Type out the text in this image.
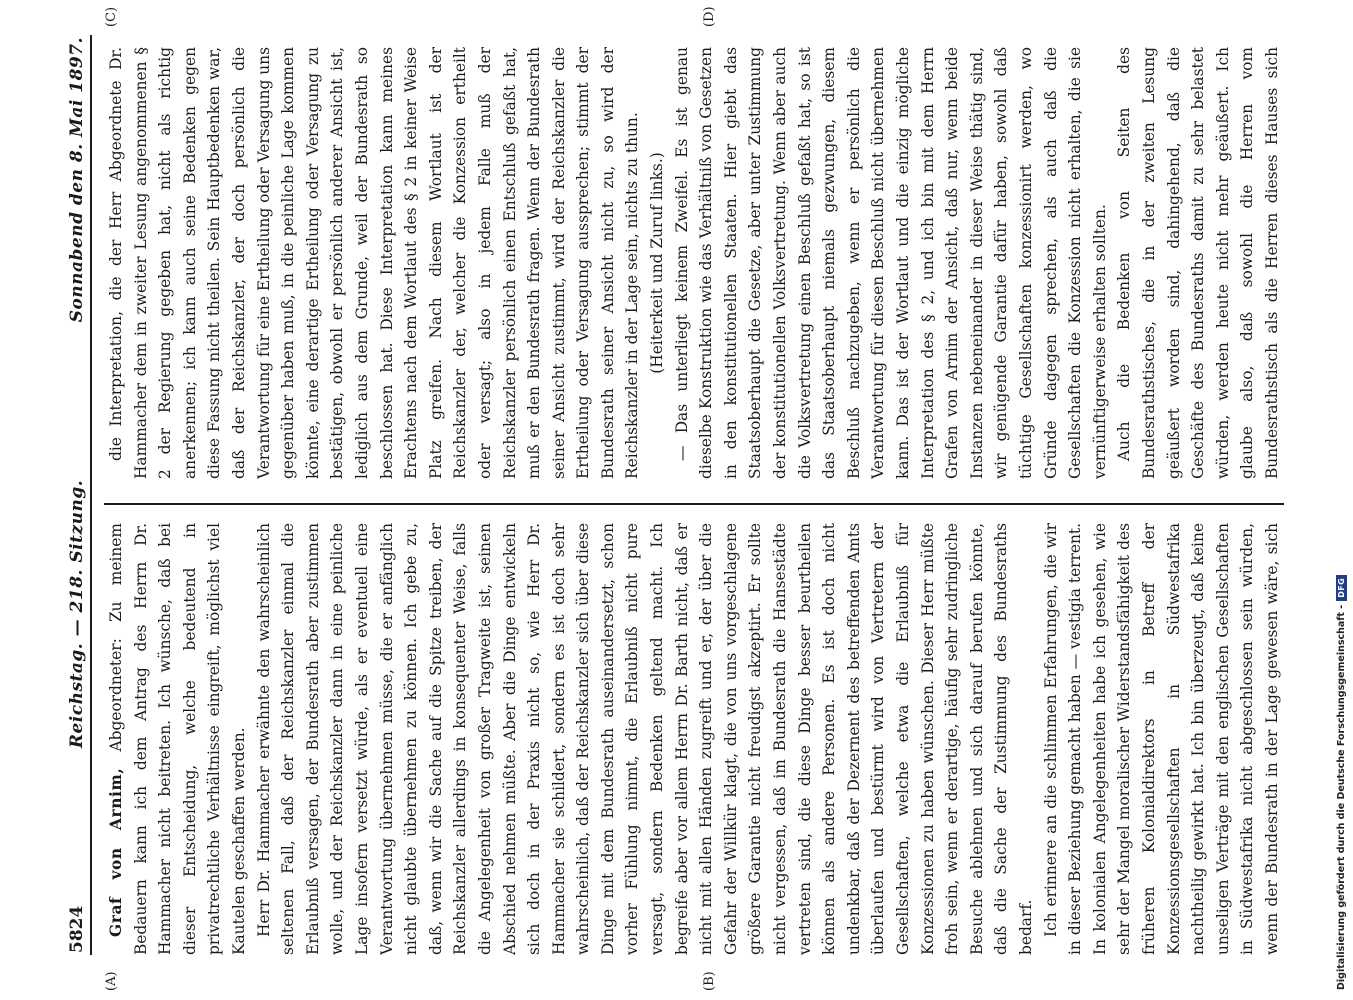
5824
Reichstag. — 218. Sitzung.
Sonnabend den 8. Mai 1897.
(A)	(B)
(C)	(D)

Graf von Arnim, Abgeordneter: Zu meinem Bedauern kann ich dem Antrag des Herrn Dr. Hammacher nicht beitreten. Ich wünsche, daß bei dieser Entscheidung, welche bedeutend in privatrechtliche Verhältnisse eingreift, möglichst viel Kautelen geschaffen werden. Herr Dr. Hammacher erwähnte den wahrscheinlich seltenen Fall, daß der Reichskanzler einmal die Erlaubniß versagen, der Bundesrath aber zustimmen wolle, und der Reichskanzler dann in eine peinliche Lage insofern versetzt würde, als er eventuell eine Verantwortung übernehmen müsse, die er anfänglich nicht glaubte übernehmen zu können. Ich gebe zu, daß, wenn wir die Sache auf die Spitze treiben, der Reichskanzler allerdings in konsequenter Weise, falls die Angelegenheit von großer Tragweite ist, seinen Abschied nehmen müßte. Aber die Dinge entwickeln sich doch in der Praxis nicht so, wie Herr Dr. Hammacher sie schildert, sondern es ist doch sehr wahrscheinlich, daß der Reichskanzler sich über diese Dinge mit dem Bundesrath auseinandersetzt, schon vorher Fühlung nimmt, die Erlaubniß nicht pure versagt, sondern Bedenken geltend macht. Ich begreife aber vor allem Herrn Dr. Barth nicht, daß er nicht mit allen Händen zugreift und er, der über die Gefahr der Willkür klagt, die von uns vorgeschlagene größere Garantie nicht freudigst akzeptirt. Er sollte nicht vergessen, daß im Bundesrath die Hansestädte vertreten sind, die diese Dinge besser beurtheilen können als andere Personen. Es ist doch nicht undenkbar, daß der Dezernent des betreffenden Amts überlaufen und bestürmt wird von Vertretern der Gesellschaften, welche etwa die Erlaubniß für Konzessionen zu haben wünschen. Dieser Herr müßte froh sein, wenn er derartige, häufig sehr zudringliche Besuche ablehnen und sich darauf berufen könnte, daß die Sache der Zustimmung des Bundesraths bedarf. Ich erinnere an die schlimmen Erfahrungen, die wir in dieser Beziehung gemacht haben — vestigia terrent. In kolonialen Angelegenheiten habe ich gesehen, wie sehr der Mangel moralischer Widerstandsfähigkeit des früheren Kolonialdirektors in Betreff der Konzessionsgesellschaften in Südwestafrika nachtheilig gewirkt hat. Ich bin überzeugt, daß keine unseligen Verträge mit den englischen Gesellschaften in Südwestafrika nicht abgeschlossen sein würden, wenn der Bundesrath in der Lage gewesen wäre, sich

die Interpretation, die der Herr Abgeordnete Dr. Hammacher dem in zweiter Lesung angenommenen § 2 der Regierung gegeben hat, nicht als richtig anerkennen; ich kann auch seine Bedenken gegen diese Fassung nicht theilen. Sein Hauptbedenken war, daß der Reichskanzler, der doch persönlich die Verantwortung für eine Ertheilung oder Versagung uns gegenüber haben muß, in die peinliche Lage kommen könnte, eine derartige Ertheilung oder Versagung zu bestätigen, obwohl er persönlich anderer Ansicht ist, lediglich aus dem Grunde, weil der Bundesrath so beschlossen hat. Diese Interpretation kann meines Erachtens nach dem Wortlaut des § 2 in keiner Weise Platz greifen. Nach diesem Wortlaut ist der Reichskanzler der, welcher die Konzession ertheilt oder versagt; also in jedem Falle muß der Reichskanzler persönlich einen Entschluß gefaßt hat, muß er den Bundesrath fragen. Wenn der Bundesrath seiner Ansicht zustimmt, wird der Reichskanzler die Ertheilung oder Versagung aussprechen; stimmt der Bundesrath seiner Ansicht nicht zu, so wird der Reichskanzler in der Lage sein, nichts zu thun. (Heiterkeit und Zuruf links.) — Das unterliegt keinem Zweifel. Es ist genau dieselbe Konstruktion wie das Verhältniß von Gesetzen in den konstitutionellen Staaten. Hier giebt das Staatsoberhaupt die Gesetze, aber unter Zustimmung der konstitutionellen Volksvertretung. Wenn aber auch die Volksvertretung einen Beschluß gefaßt hat, so ist das Staatsoberhaupt niemals gezwungen, diesem Beschluß nachzugeben, wenn er persönlich die Verantwortung für diesen Beschluß nicht übernehmen kann. Das ist der Wortlaut und die einzig mögliche Interpretation des § 2, und ich bin mit dem Herrn Grafen von Arnim der Ansicht, daß nur, wenn beide Instanzen nebeneinander in dieser Weise thätig sind, wir genügende Garantie dafür haben, sowohl daß tüchtige Gesellschaften konzessionirt werden, wo Gründe dagegen sprechen, als auch daß die Gesellschaften die Konzession nicht erhalten, die sie vernünftigerweise erhalten sollten. Auch die Bedenken von Seiten des Bundesrathstisches, die in der zweiten Lesung geäußert worden sind, dahingehend, daß die Geschäfte des Bundesraths damit zu sehr belastet würden, werden heute nicht mehr geäußert. Ich glaube also, daß sowohl die Herren vom Bundesrathstisch als die Herren dieses Hauses sich

Digitalisierung gefördert durch die Deutsche Forschungsgemeinschaft -
DFG
